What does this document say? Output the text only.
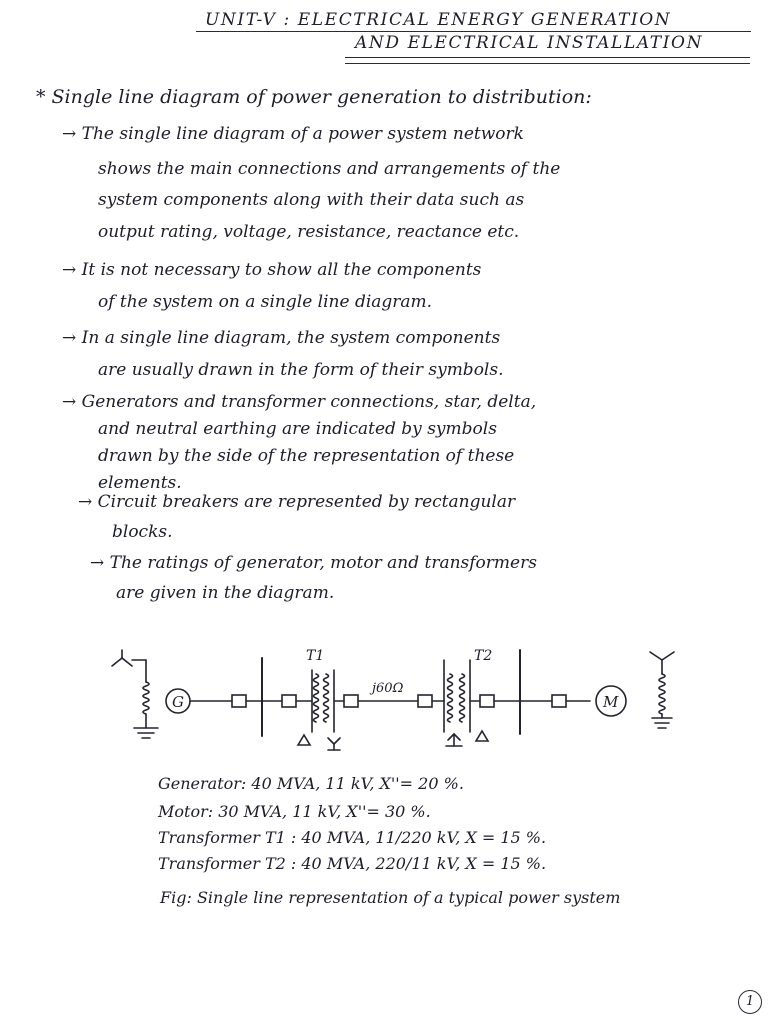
UNIT-V : ELECTRICAL ENERGY GENERATION
AND ELECTRICAL INSTALLATION
* Single line diagram of power generation to distribution:
→ The single line diagram of a power system network
shows the main connections and arrangements of the
system components along with their data such as
output rating, voltage, resistance, reactance etc.
→ It is not necessary to show all the components
of the system on a single line diagram.
→ In a single line diagram, the system components
are usually drawn in the form of their symbols.
→ Generators and transformer connections, star, delta,
and neutral earthing are indicated by symbols
drawn by the side of the representation of these
elements.
→ Circuit breakers are represented by rectangular
blocks.
→ The ratings of generator, motor and transformers
are given in the diagram.
G	M
T1	T2
j60Ω
Generator: 40 MVA, 11 kV, X''= 20 %.
Motor: 30 MVA, 11 kV, X''= 30 %.
Transformer T1 : 40 MVA, 11/220 kV, X = 15 %.
Transformer T2 : 40 MVA, 220/11 kV, X = 15 %.
Fig: Single line representation of a typical power system
1
